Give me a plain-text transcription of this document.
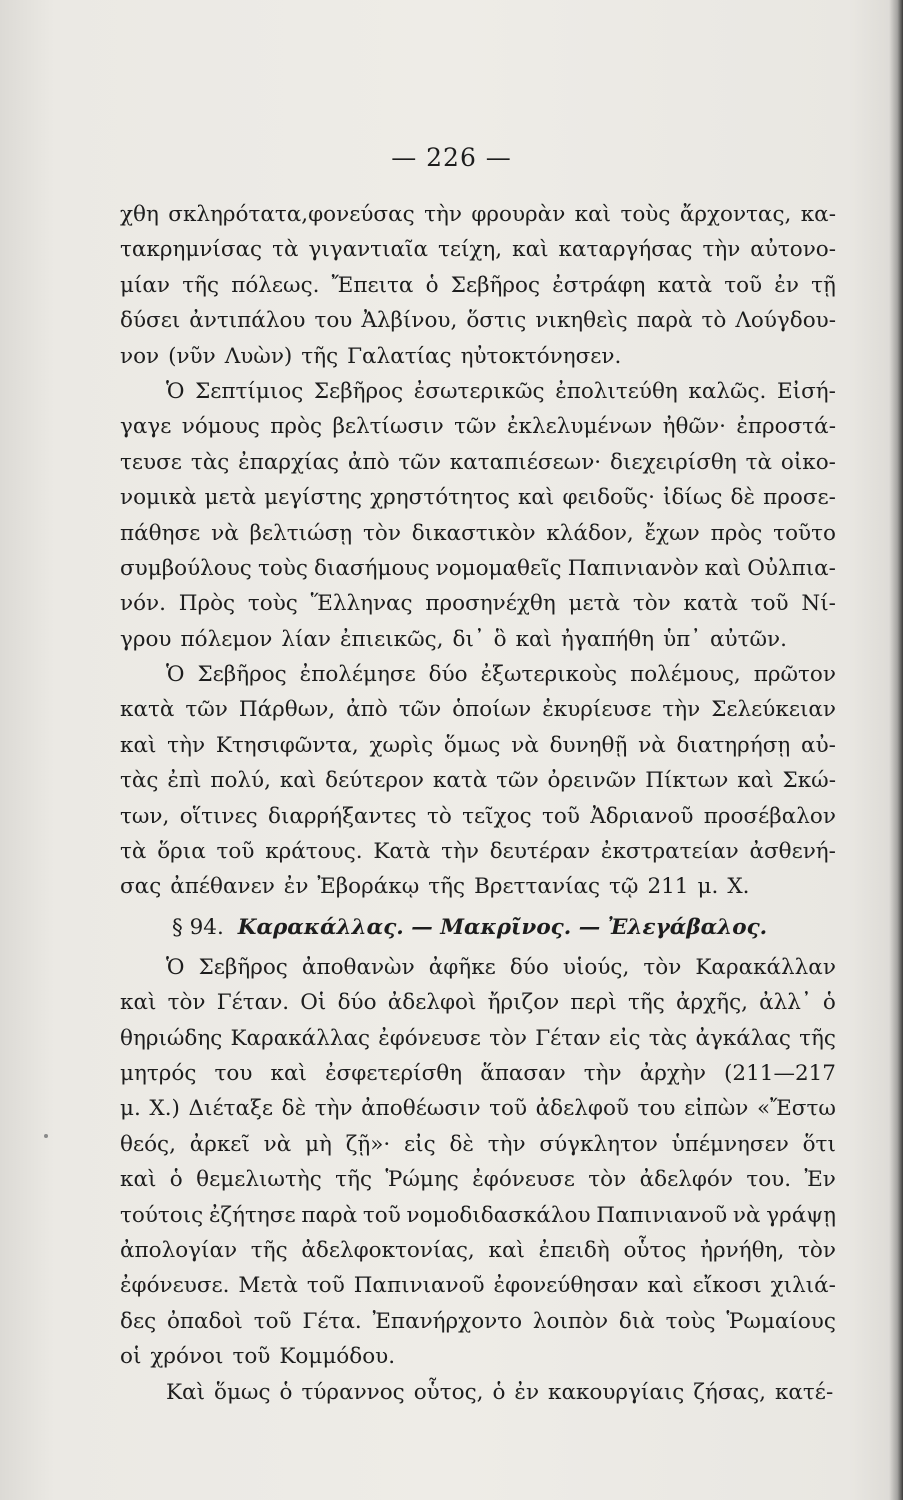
— 226 —
χθη σκληρότατα,φονεύσας τὴν φρουρὰν καὶ τοὺς ἄρχοντας, κα-
τακρημνίσας τὰ γιγαντιαῖα τείχη, καὶ καταργήσας τὴν αὐτονο-
μίαν τῆς πόλεως. Ἔπειτα ὁ Σεβῆρος ἐστράφη κατὰ τοῦ ἐν τῇ
δύσει ἀντιπάλου του Ἀλβίνου, ὅστις νικηθεὶς παρὰ τὸ Λούγδου-
νον (νῦν Λυὼν) τῆς Γαλατίας ηὐτοκτόνησεν.
Ὁ Σεπτίμιος Σεβῆρος ἐσωτερικῶς ἐπολιτεύθη καλῶς. Εἰσή-
γαγε νόμους πρὸς βελτίωσιν τῶν ἐκλελυμένων ἠθῶν· ἐπροστά-
τευσε τὰς ἐπαρχίας ἀπὸ τῶν καταπιέσεων· διεχειρίσθη τὰ οἰκο-
νομικὰ μετὰ μεγίστης χρηστότητος καὶ φειδοῦς· ἰδίως δὲ προσε-
πάθησε νὰ βελτιώσῃ τὸν δικαστικὸν κλάδον, ἔχων πρὸς τοῦτο
συμβούλους τοὺς διασήμους νομομαθεῖς Παπινιανὸν καὶ Οὐλπια-
νόν. Πρὸς τοὺς Ἕλληνας προσηνέχθη μετὰ τὸν κατὰ τοῦ Νί-
γρου πόλεμον λίαν ἐπιεικῶς, δι᾽ ὃ καὶ ἠγαπήθη ὑπ᾽ αὐτῶν.
Ὁ Σεβῆρος ἐπολέμησε δύο ἐξωτερικοὺς πολέμους, πρῶτον
κατὰ τῶν Πάρθων, ἀπὸ τῶν ὁποίων ἐκυρίευσε τὴν Σελεύκειαν
καὶ τὴν Κτησιφῶντα, χωρὶς ὅμως νὰ δυνηθῇ νὰ διατηρήσῃ αὐ-
τὰς ἐπὶ πολύ, καὶ δεύτερον κατὰ τῶν ὀρεινῶν Πίκτων καὶ Σκώ-
των, οἵτινες διαρρήξαντες τὸ τεῖχος τοῦ Ἀδριανοῦ προσέβαλον
τὰ ὅρια τοῦ κράτους. Κατὰ τὴν δευτέραν ἐκστρατείαν ἀσθενή-
σας ἀπέθανεν ἐν Ἐβοράκῳ τῆς Βρεττανίας τῷ 211 μ. Χ.
§ 94. Καρακάλλας. — Μακρῖνος. — Ἐλεγάβαλος.
Ὁ Σεβῆρος ἀποθανὼν ἀφῆκε δύο υἱούς, τὸν Καρακάλλαν
καὶ τὸν Γέταν. Οἱ δύο ἀδελφοὶ ἤριζον περὶ τῆς ἀρχῆς, ἀλλ᾽ ὁ
θηριώδης Καρακάλλας ἐφόνευσε τὸν Γέταν εἰς τὰς ἀγκάλας τῆς
μητρός του καὶ ἐσφετερίσθη ἅπασαν τὴν ἀρχὴν (211—217
μ. Χ.) Διέταξε δὲ τὴν ἀποθέωσιν τοῦ ἀδελφοῦ του εἰπὼν «Ἔστω
θεός, ἀρκεῖ νὰ μὴ ζῇ»· εἰς δὲ τὴν σύγκλητον ὑπέμνησεν ὅτι
καὶ ὁ θεμελιωτὴς τῆς Ῥώμης ἐφόνευσε τὸν ἀδελφόν του. Ἐν
τούτοις ἐζήτησε παρὰ τοῦ νομοδιδασκάλου Παπινιανοῦ νὰ γράψῃ
ἀπολογίαν τῆς ἀδελφοκτονίας, καὶ ἐπειδὴ οὗτος ἠρνήθη, τὸν
ἐφόνευσε. Μετὰ τοῦ Παπινιανοῦ ἐφονεύθησαν καὶ εἴκοσι χιλιά-
δες ὀπαδοὶ τοῦ Γέτα. Ἐπανήρχοντο λοιπὸν διὰ τοὺς Ῥωμαίους
οἱ χρόνοι τοῦ Κομμόδου.
Καὶ ὅμως ὁ τύραννος οὗτος, ὁ ἐν κακουργίαις ζήσας, κατέ-
